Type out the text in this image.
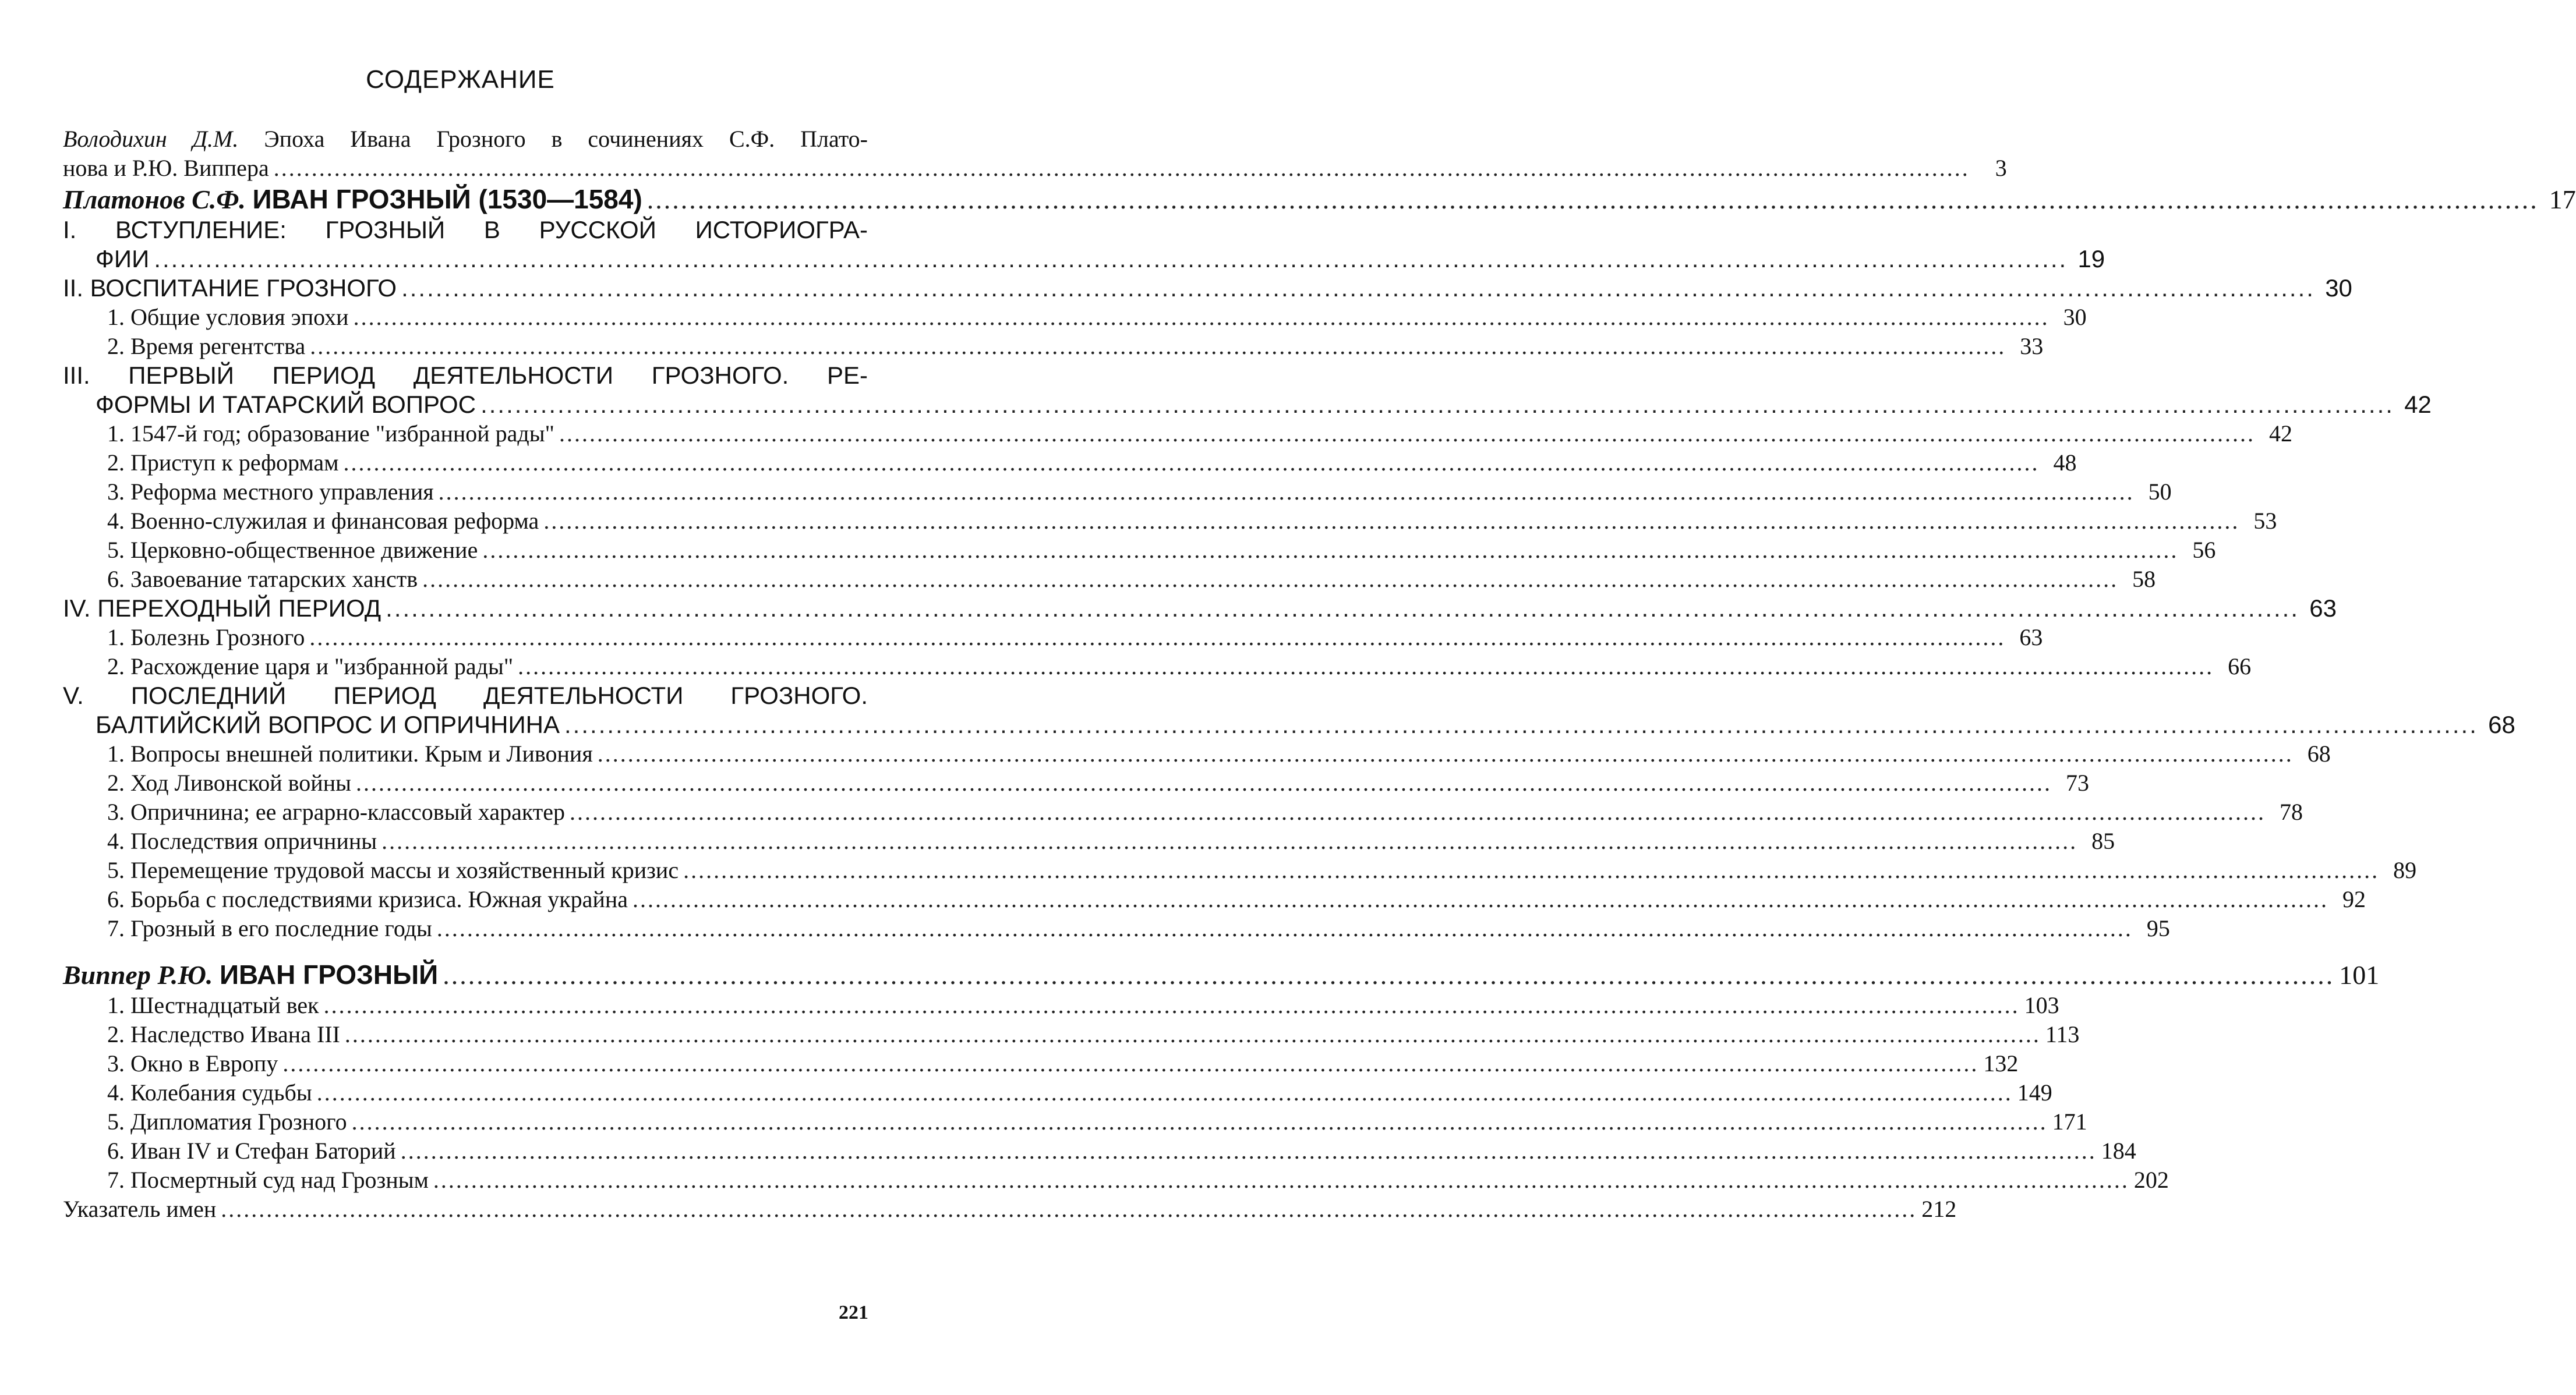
СОДЕРЖАНИЕ
Володихин Д.М. Эпоха Ивана Грозного в сочинениях С.Ф. Плато-
нова и Р.Ю. Виппера .....	3
Платонов С.Ф. ИВАН ГРОЗНЫЙ (1530—1584) .....	17
I. ВСТУПЛЕНИЕ: ГРОЗНЫЙ В РУССКОЙ ИСТОРИОГРА-
ФИИ .....	19
II. ВОСПИТАНИЕ ГРОЗНОГО .....	30
1. Общие условия эпохи .....	30
2. Время регентства .....	33
III. ПЕРВЫЙ ПЕРИОД ДЕЯТЕЛЬНОСТИ ГРОЗНОГО. РЕ-
ФОРМЫ И ТАТАРСКИЙ ВОПРОС .....	42
1. 1547-й год; образование "избранной рады" .....	42
2. Приступ к реформам .....	48
3. Реформа местного управления .....	50
4. Военно-служилая и финансовая реформа .....	53
5. Церковно-общественное движение .....	56
6. Завоевание татарских ханств .....	58
IV. ПЕРЕХОДНЫЙ ПЕРИОД .....	63
1. Болезнь Грозного .....	63
2. Расхождение царя и "избранной рады" .....	66
V. ПОСЛЕДНИЙ ПЕРИОД ДЕЯТЕЛЬНОСТИ ГРОЗНОГО.
БАЛТИЙСКИЙ ВОПРОС И ОПРИЧНИНА .....	68
1. Вопросы внешней политики. Крым и Ливония .....	68
2. Ход Ливонской войны .....	73
3. Опричнина; ее аграрно-классовый характер .....	78
4. Последствия опричнины .....	85
5. Перемещение трудовой массы и хозяйственный кризис .....	89
6. Борьба с последствиями кризиса. Южная украйна .....	92
7. Грозный в его последние годы .....	95
Виппер Р.Ю. ИВАН ГРОЗНЫЙ .....	101
1. Шестнадцатый век .....	103
2. Наследство Ивана III .....	113
3. Окно в Европу .....	132
4. Колебания судьбы .....	149
5. Дипломатия Грозного .....	171
6. Иван IV и Стефан Баторий .....	184
7. Посмертный суд над Грозным .....	202
Указатель имен .....	212
221
